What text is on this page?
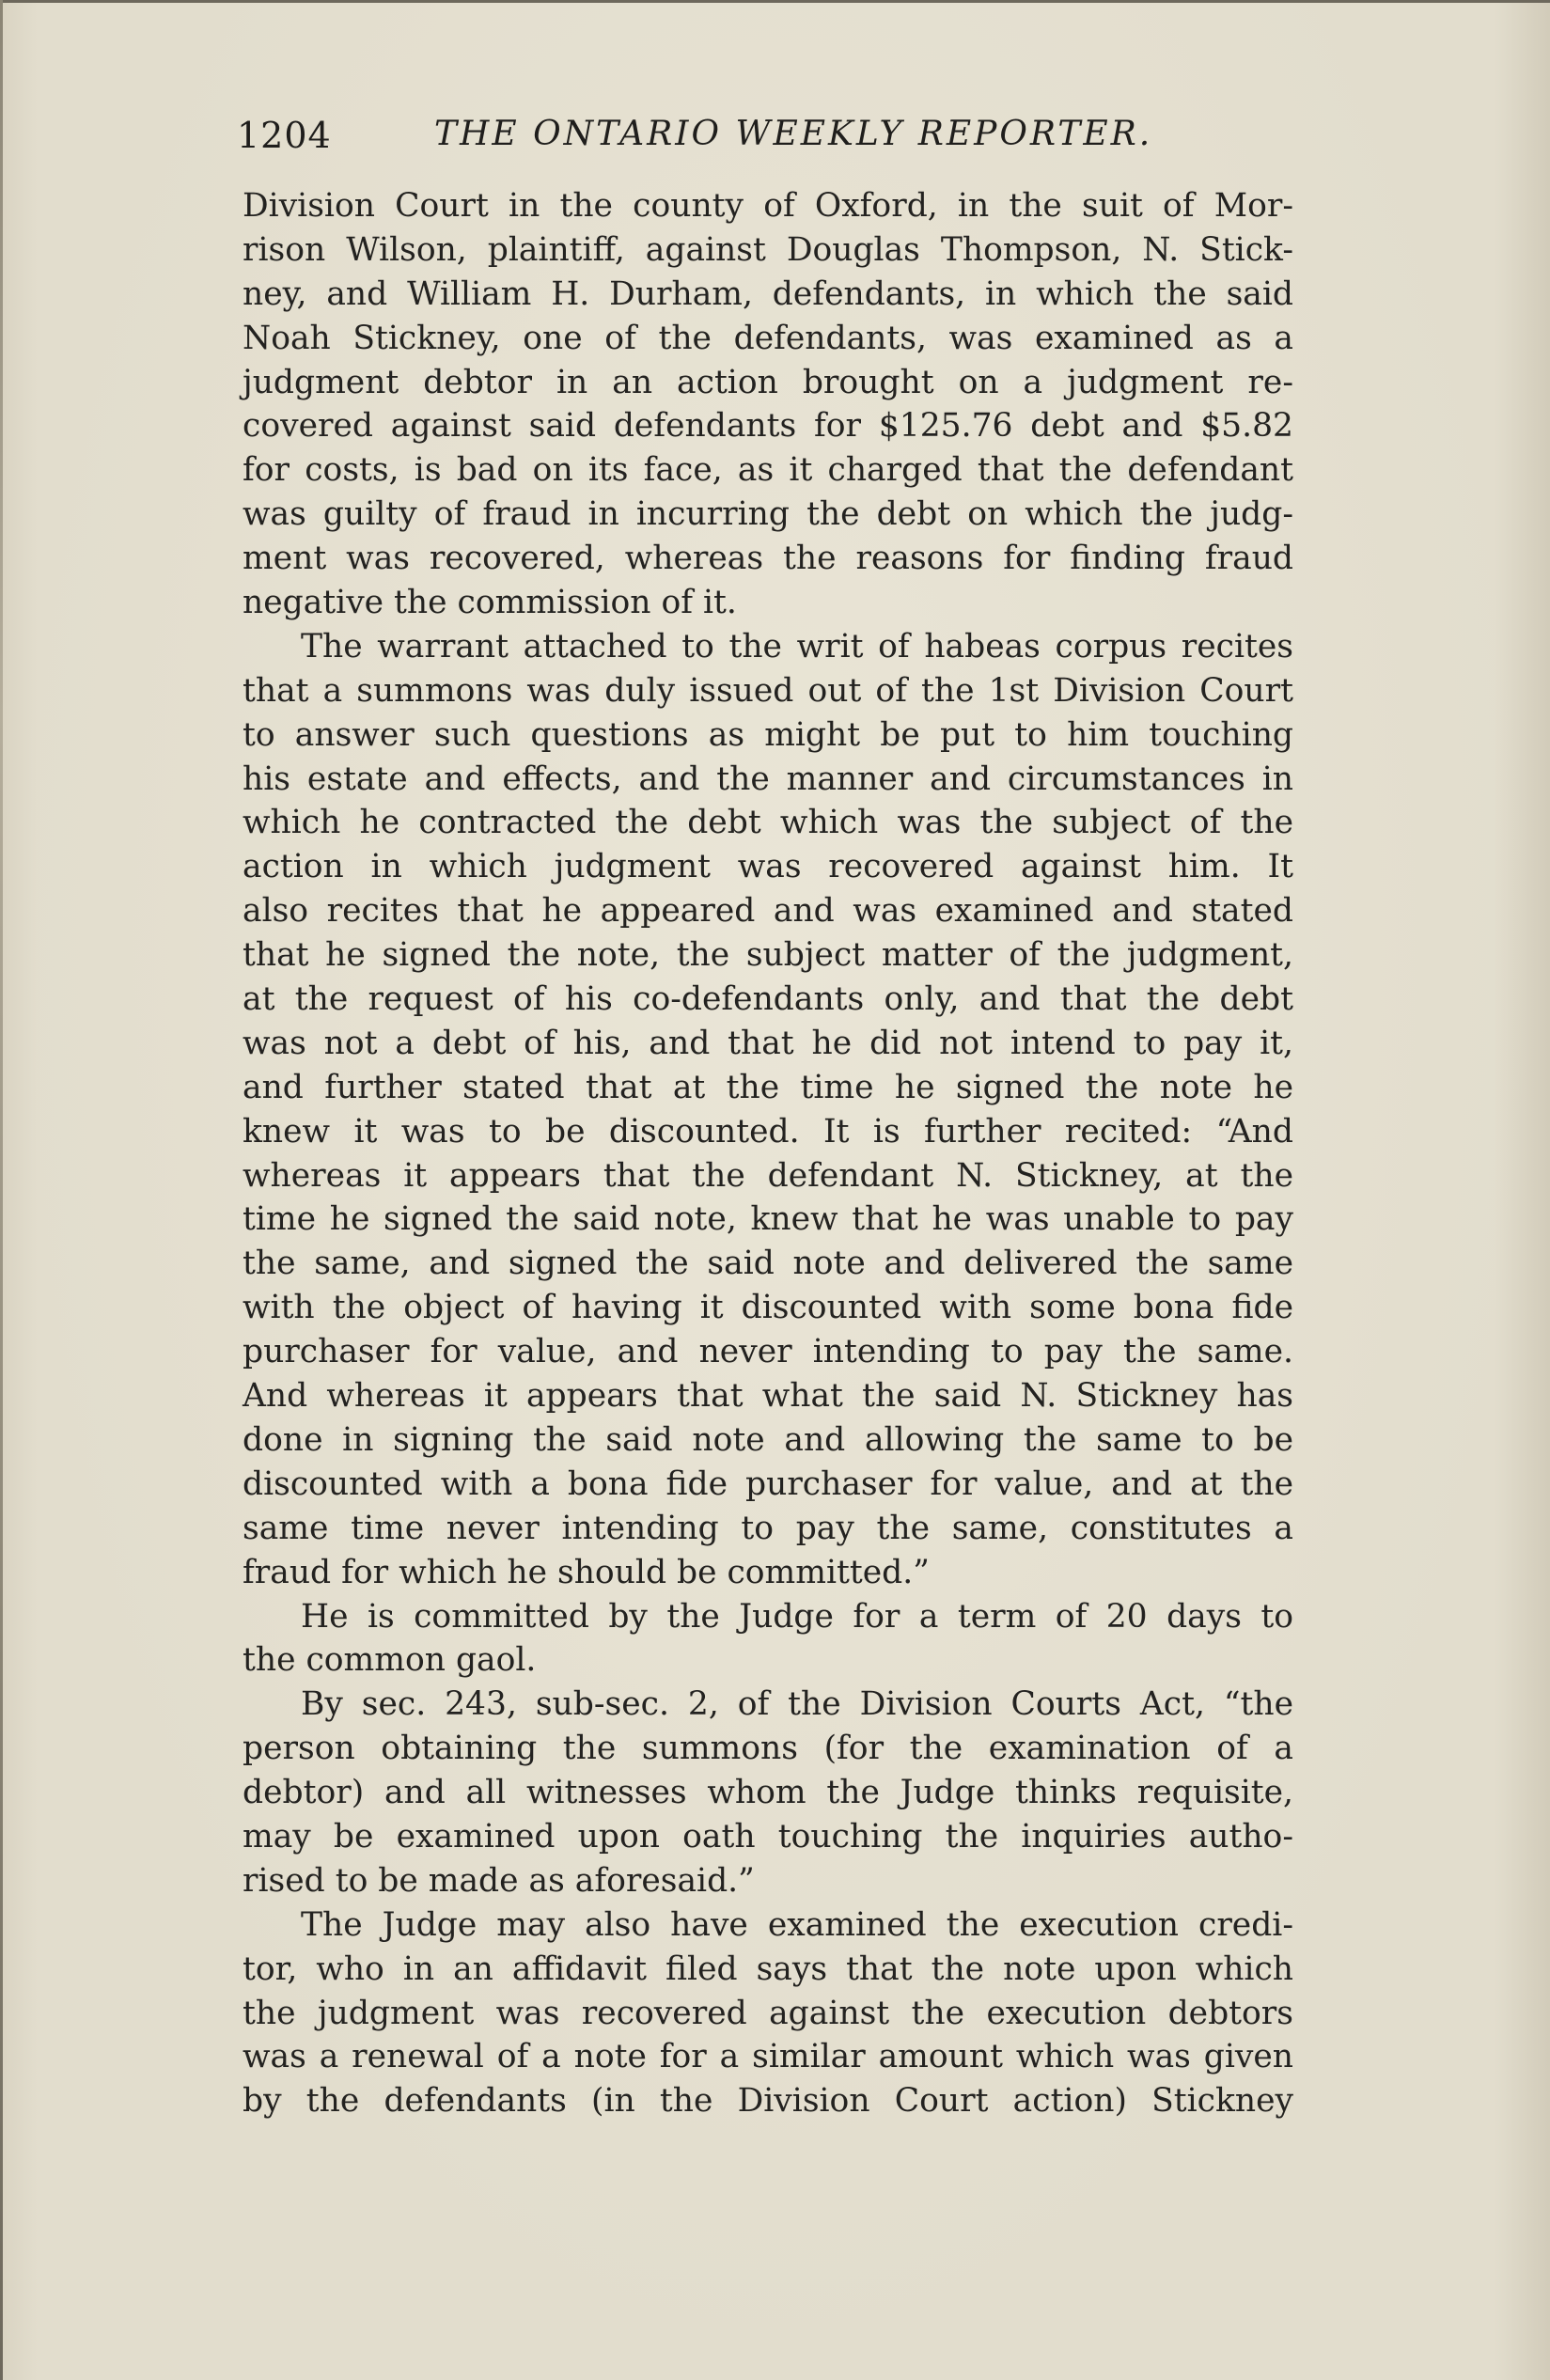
1204	THE ONTARIO WEEKLY REPORTER.
Division Court in the county of Oxford, in the suit of Mor-
rison Wilson, plaintiff, against Douglas Thompson, N. Stick-
ney, and William H. Durham, defendants, in which the said
Noah Stickney, one of the defendants, was examined as a
judgment debtor in an action brought on a judgment re-
covered against said defendants for $125.76 debt and $5.82
for costs, is bad on its face, as it charged that the defendant
was guilty of fraud in incurring the debt on which the judg-
ment was recovered, whereas the reasons for finding fraud
negative the commission of it.
The warrant attached to the writ of habeas corpus recites
that a summons was duly issued out of the 1st Division Court
to answer such questions as might be put to him touching
his estate and effects, and the manner and circumstances in
which he contracted the debt which was the subject of the
action in which judgment was recovered against him. It
also recites that he appeared and was examined and stated
that he signed the note, the subject matter of the judgment,
at the request of his co-defendants only, and that the debt
was not a debt of his, and that he did not intend to pay it,
and further stated that at the time he signed the note he
knew it was to be discounted. It is further recited: “And
whereas it appears that the defendant N. Stickney, at the
time he signed the said note, knew that he was unable to pay
the same, and signed the said note and delivered the same
with the object of having it discounted with some bona fide
purchaser for value, and never intending to pay the same.
And whereas it appears that what the said N. Stickney has
done in signing the said note and allowing the same to be
discounted with a bona fide purchaser for value, and at the
same time never intending to pay the same, constitutes a
fraud for which he should be committed.”
He is committed by the Judge for a term of 20 days to
the common gaol.
By sec. 243, sub-sec. 2, of the Division Courts Act, “the
person obtaining the summons (for the examination of a
debtor) and all witnesses whom the Judge thinks requisite,
may be examined upon oath touching the inquiries autho-
rised to be made as aforesaid.”
The Judge may also have examined the execution credi-
tor, who in an affidavit filed says that the note upon which
the judgment was recovered against the execution debtors
was a renewal of a note for a similar amount which was given
by the defendants (in the Division Court action) Stickney
